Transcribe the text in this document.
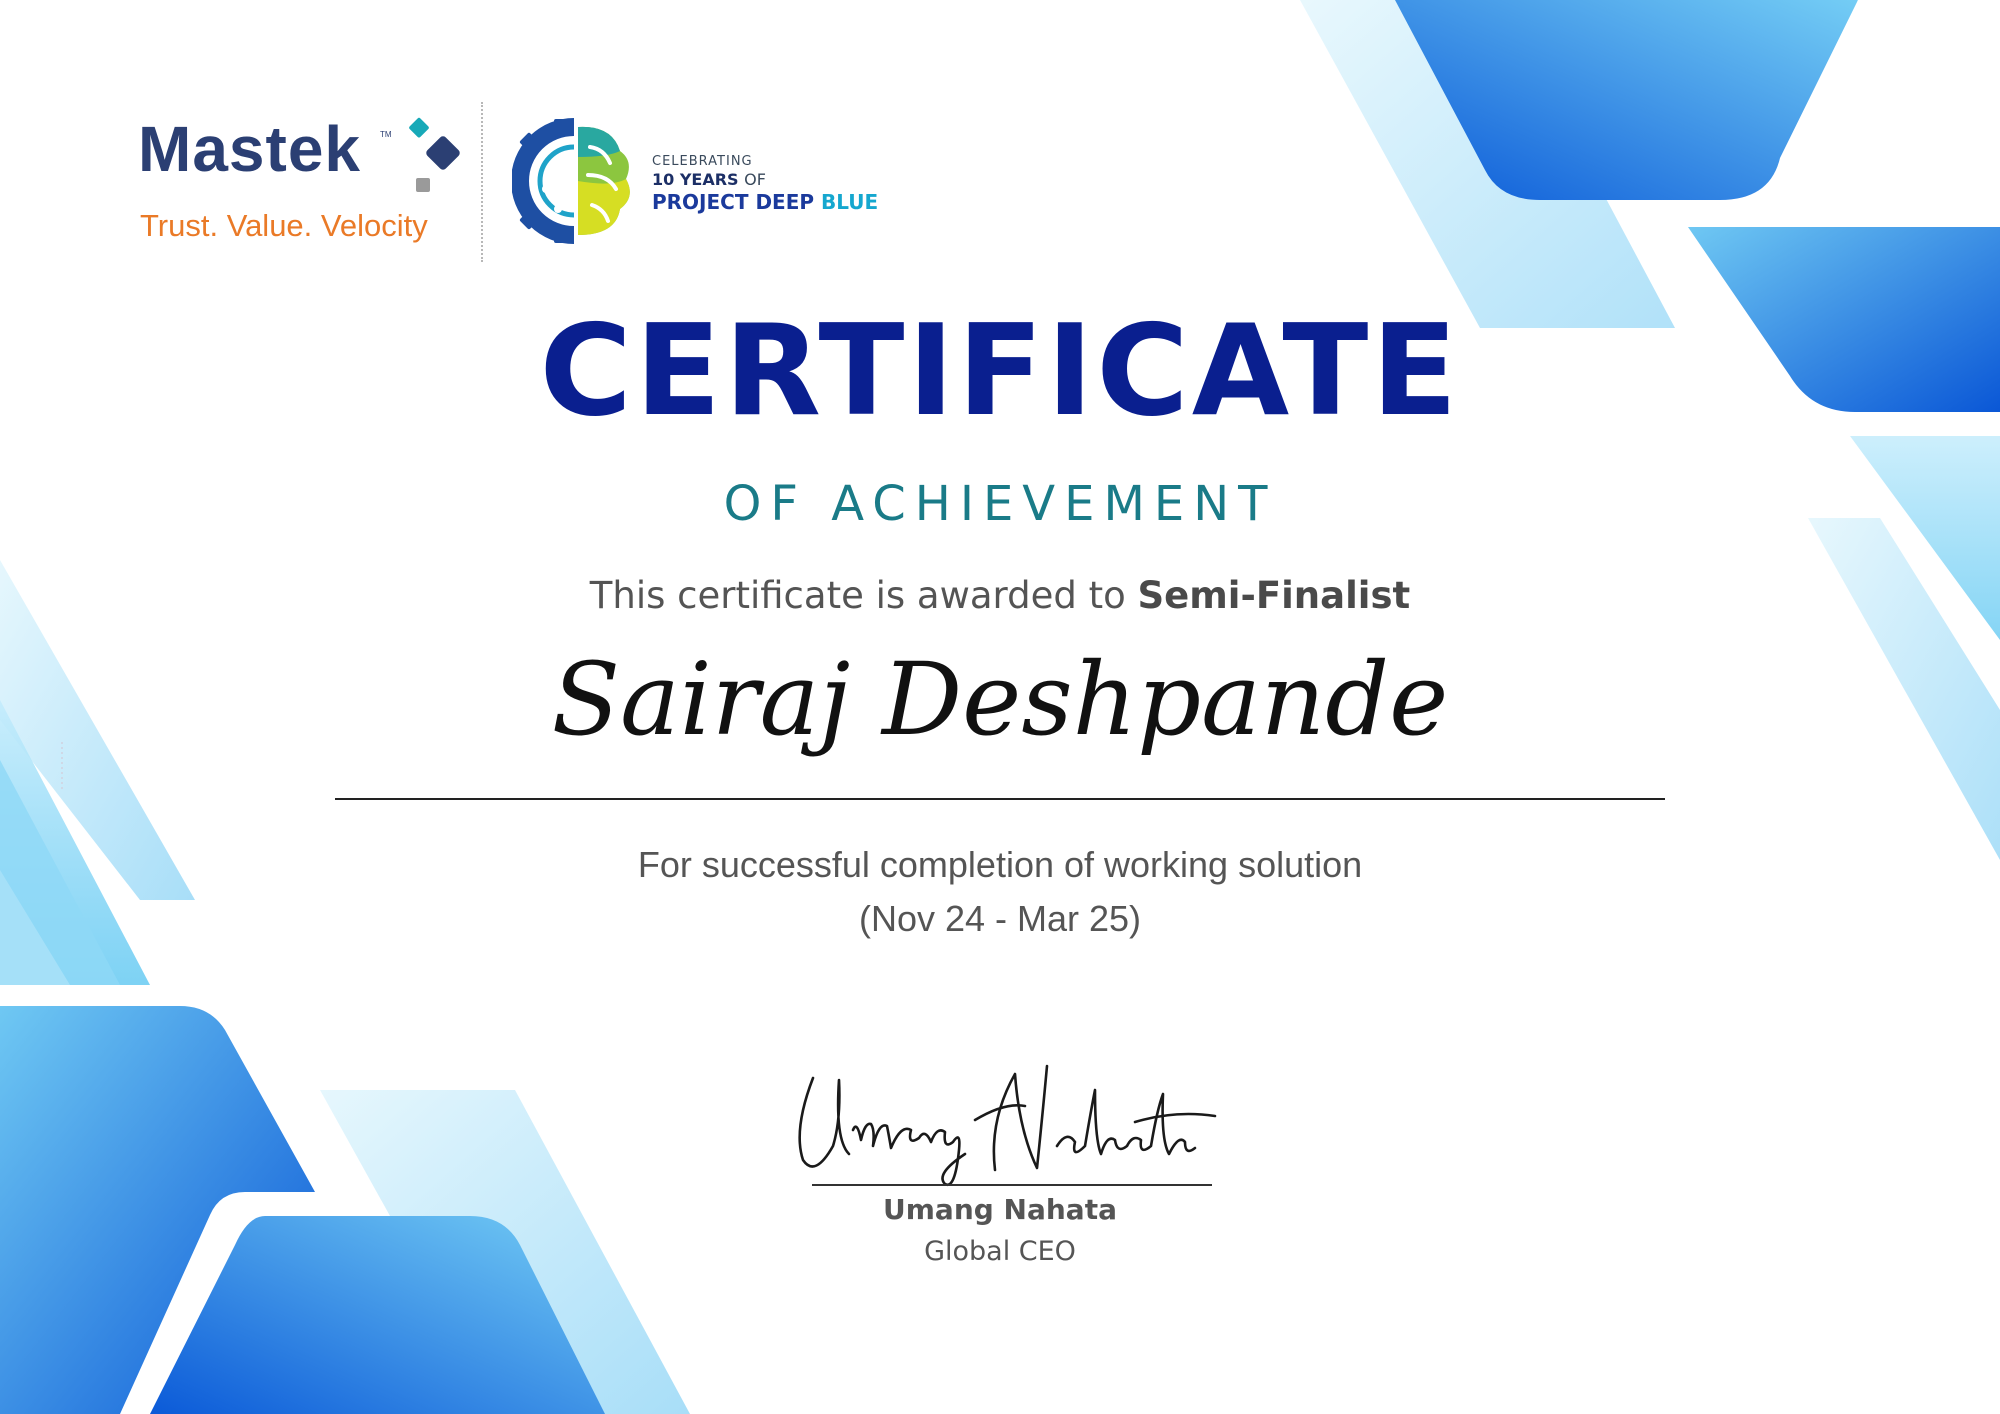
Mastek TM
Trust. Value. Velocity
CELEBRATING
10 YEARS OF
PROJECT DEEP BLUE
CERTIFICATE
OF ACHIEVEMENT
This certificate is awarded to Semi-Finalist
Sairaj Deshpande
For successful completion of working solution
(Nov 24 - Mar 25)
Umang Nahata
Global CEO
